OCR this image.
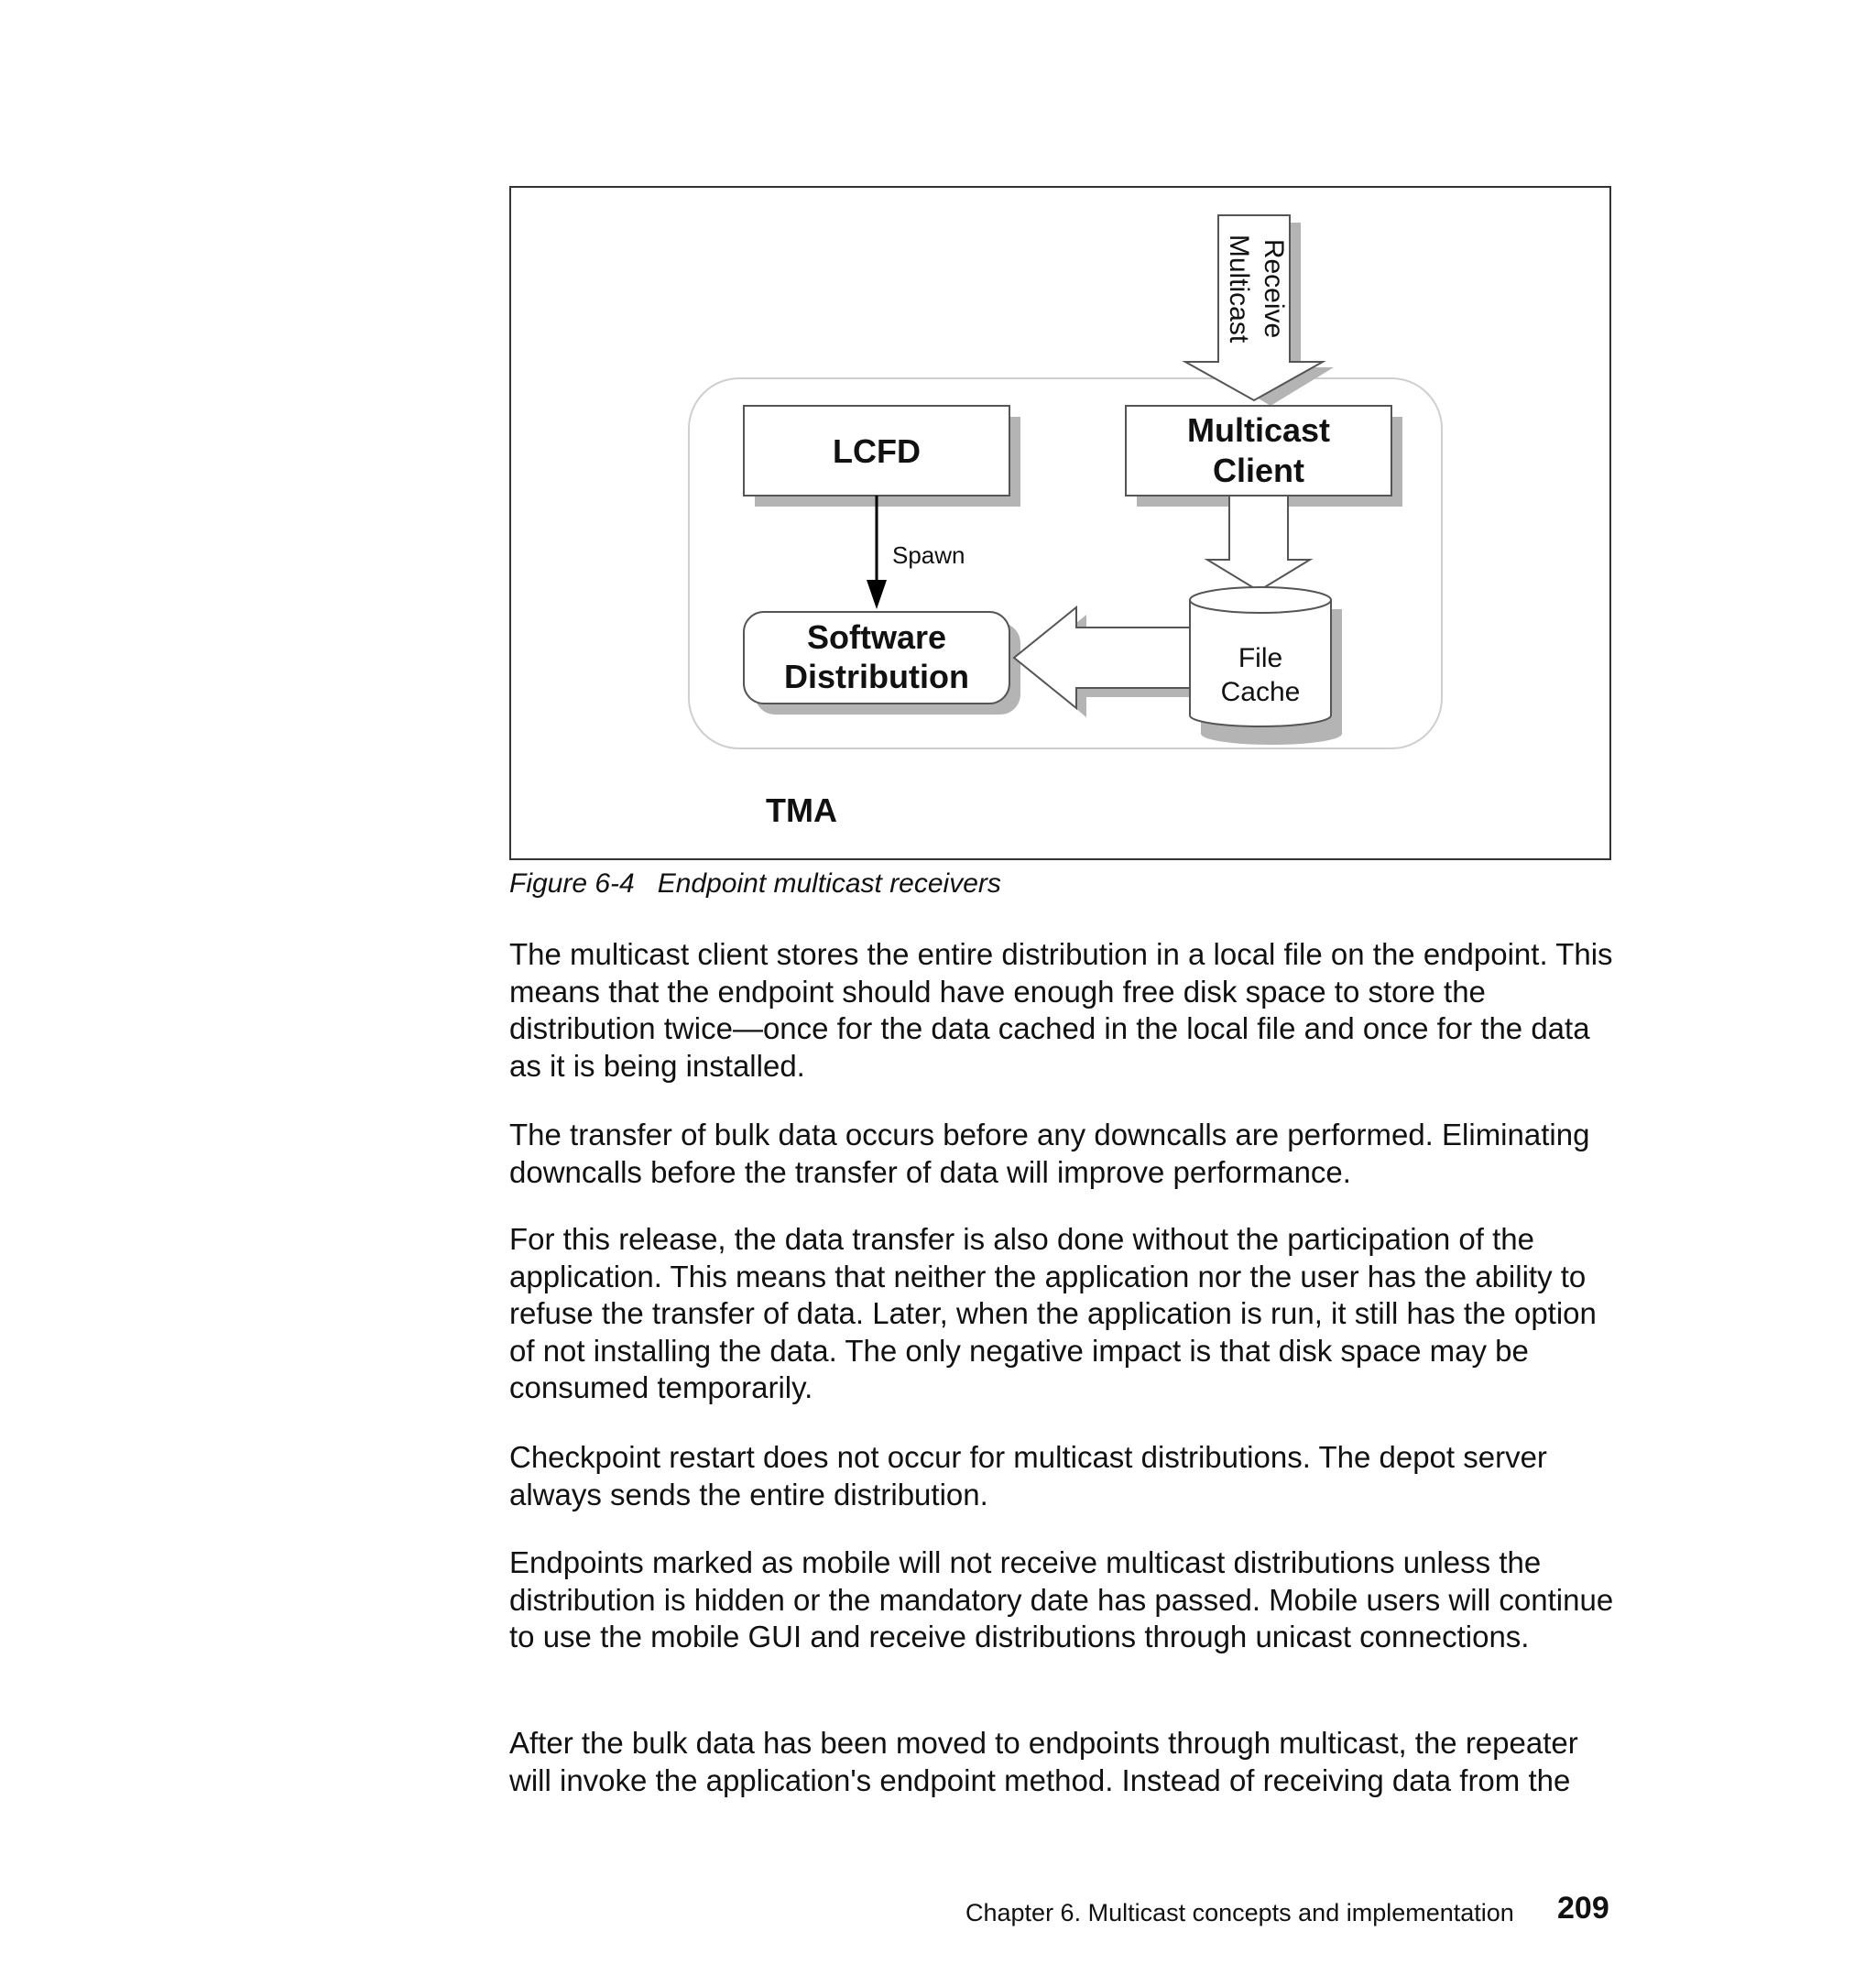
Receive
Multicast
LCFD
Multicast
Client
Spawn
Software
Distribution	File
Cache
TMA
Figure 6-4   Endpoint multicast receivers

The multicast client stores the entire distribution in a local file on the endpoint. This means that the endpoint should have enough free disk space to store the distribution twice—once for the data cached in the local file and once for the data as it is being installed.

The transfer of bulk data occurs before any downcalls are performed. Eliminating downcalls before the transfer of data will improve performance.

For this release, the data transfer is also done without the participation of the application. This means that neither the application nor the user has the ability to refuse the transfer of data. Later, when the application is run, it still has the option of not installing the data. The only negative impact is that disk space may be consumed temporarily.

Checkpoint restart does not occur for multicast distributions. The depot server always sends the entire distribution.

Endpoints marked as mobile will not receive multicast distributions unless the distribution is hidden or the mandatory date has passed. Mobile users will continue to use the mobile GUI and receive distributions through unicast connections.

After the bulk data has been moved to endpoints through multicast, the repeater will invoke the application's endpoint method. Instead of receiving data from the

Chapter 6. Multicast concepts and implementation 209
